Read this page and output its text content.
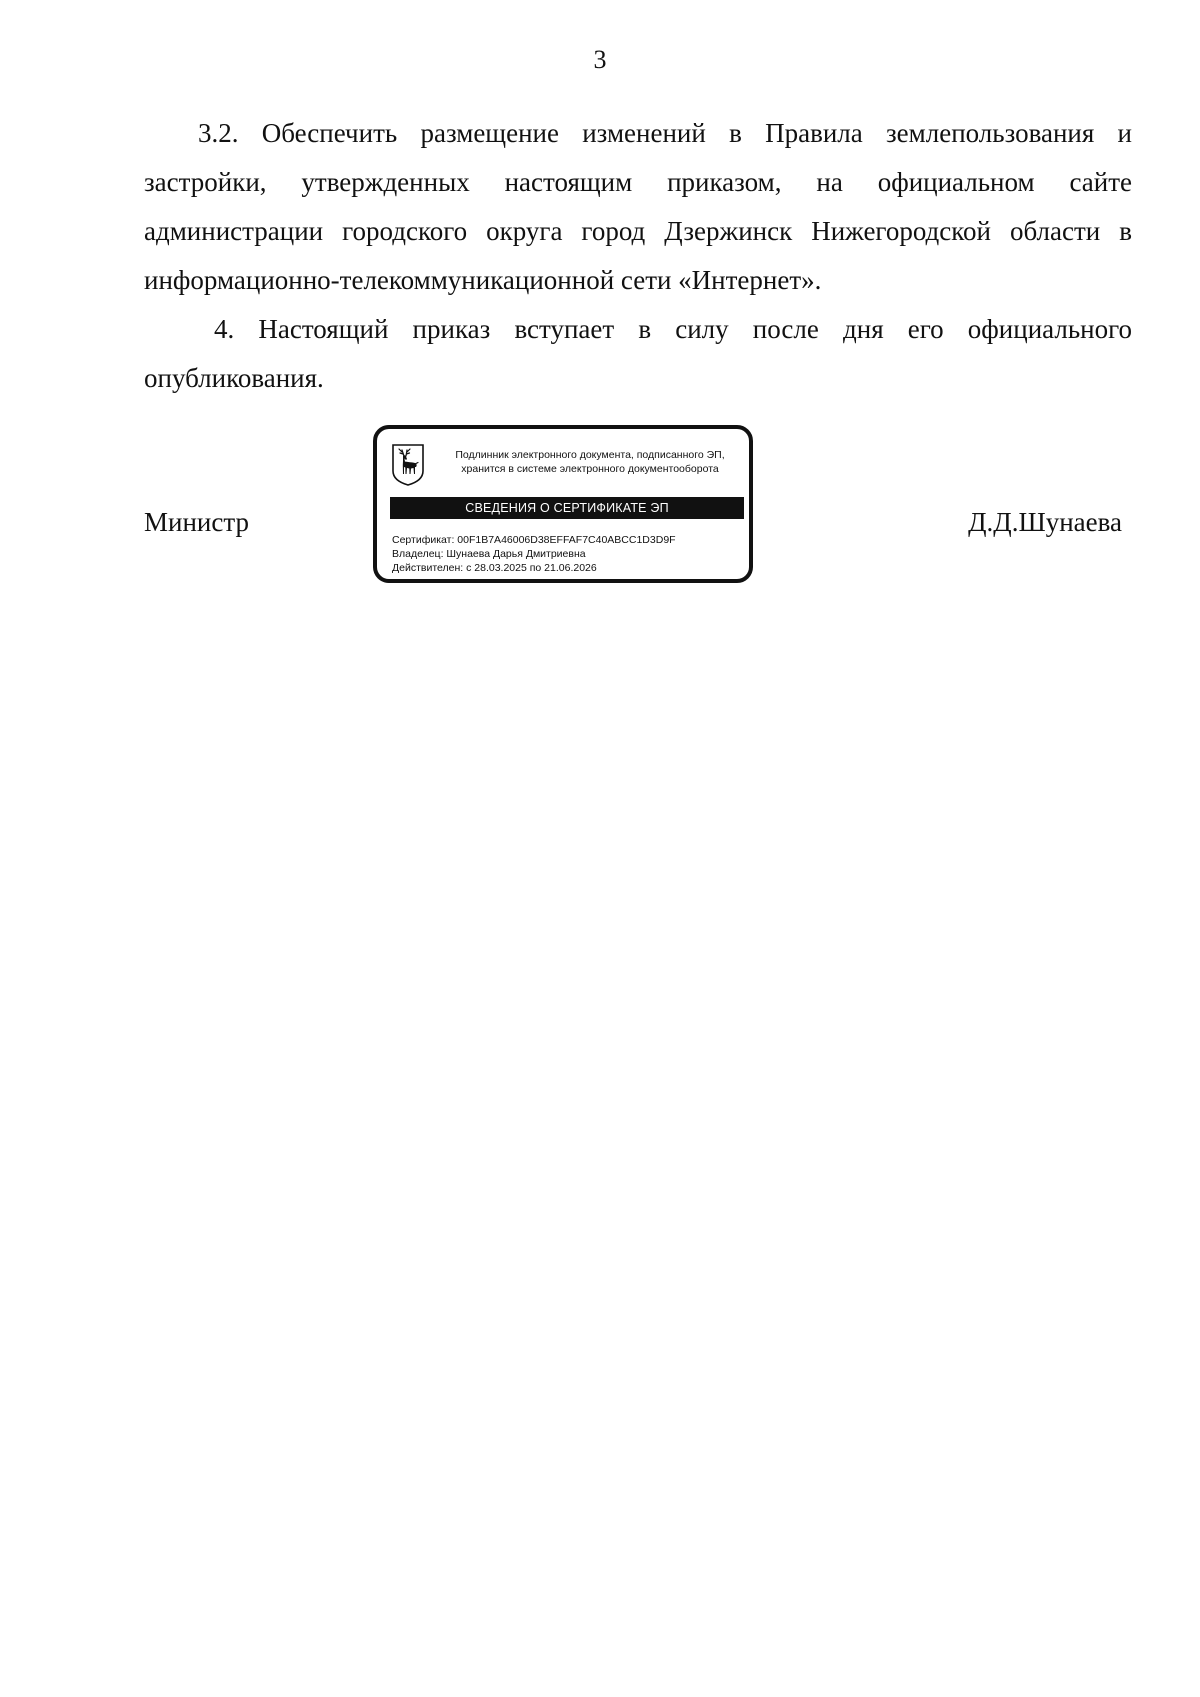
3

3.2. Обеспечить размещение изменений в Правила землепользования и застройки, утвержденных настоящим приказом, на официальном сайте администрации городского округа город Дзержинск Нижегородской области в информационно-телекоммуникационной сети «Интернет».

4. Настоящий приказ вступает в силу после дня его официального опубликования.

Министр
Подлинник электронного документа, подписанного ЭП,
хранится в системе электронного документооборота
СВЕДЕНИЯ О СЕРТИФИКАТЕ ЭП
Сертификат: 00F1B7A46006D38EFFAF7C40ABCC1D3D9F
Владелец: Шунаева Дарья Дмитриевна
Действителен: с 28.03.2025 по 21.06.2026
Д.Д.Шунаева
